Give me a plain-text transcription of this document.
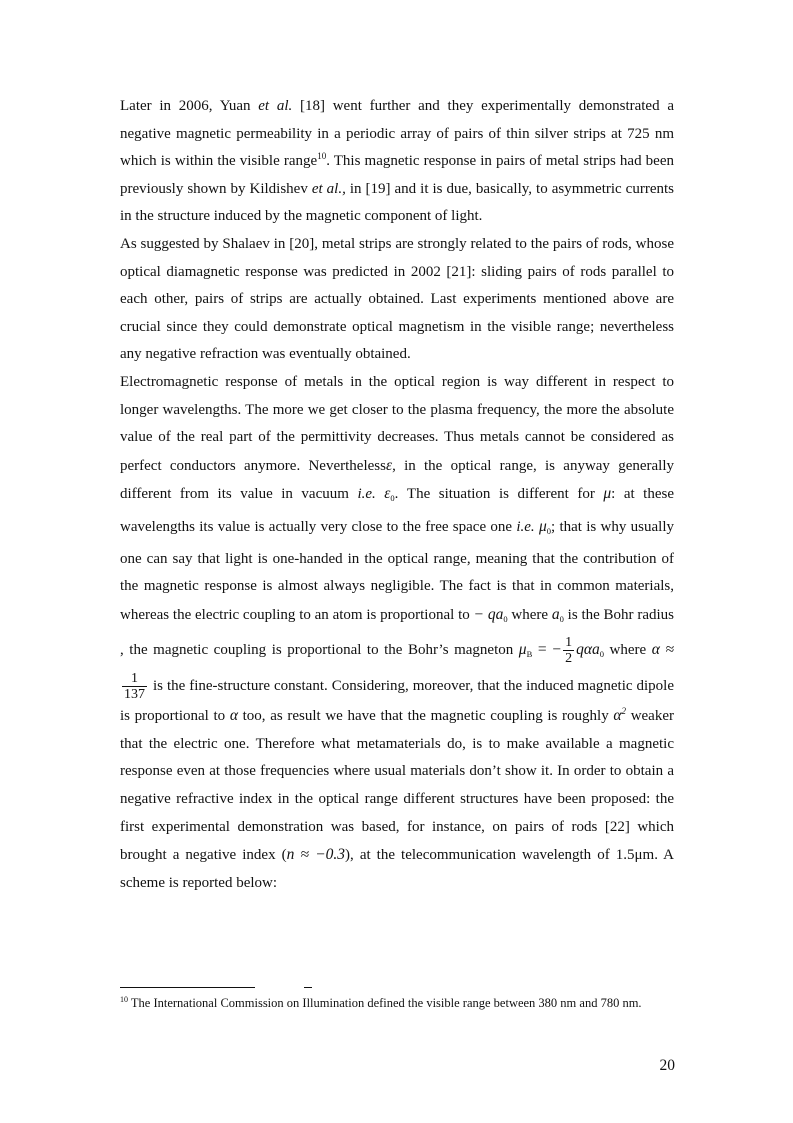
Later in 2006, Yuan et al. [18] went further and they experimentally demonstrated a negative magnetic permeability in a periodic array of pairs of thin silver strips at 725 nm which is within the visible range$^{10}$. This magnetic response in pairs of metal strips had been previously shown by Kildishev et al., in [19] and it is due, basically, to asymmetric currents in the structure induced by the magnetic component of light.

As suggested by Shalaev in [20], metal strips are strongly related to the pairs of rods, whose optical diamagnetic response was predicted in 2002 [21]: sliding pairs of rods parallel to each other, pairs of strips are actually obtained. Last experiments mentioned above are crucial since they could demonstrate optical magnetism in the visible range; nevertheless any negative refraction was eventually obtained.

Electromagnetic response of metals in the optical region is way different in respect to longer wavelengths. The more we get closer to the plasma frequency, the more the absolute value of the real part of the permittivity decreases. Thus metals cannot be considered as perfect conductors anymore. Neverthelessε, in the optical range, is anyway generally different from its value in vacuum i.e. $\varepsilon_0$. The situation is different for μ: at these wavelengths its value is actually very close to the free space one i.e. $\mu_0$; that is why usually one can say that light is one-handed in the optical range, meaning that the contribution of the magnetic response is almost always negligible. The fact is that in common materials, whereas the electric coupling to an atom is proportional to − $qa_0$ where $a_0$ is the Bohr radius , the magnetic coupling is proportional to the Bohr’s magneton $\mu_B$ = − $\frac{1}{2} q\alpha a_0$ where α ≈
$\frac{1}{137}$ is the fine-structure constant. Considering, moreover, that the induced magnetic dipole is proportional to α too, as result we have that the magnetic coupling is roughly $\alpha^2$ weaker that the electric one. Therefore what metamaterials do, is to make available a magnetic response even at those frequencies where usual materials don’t show it. In order to obtain a negative refractive index in the optical range different structures have been proposed: the first experimental demonstration was based, for instance, on pairs of rods [22] which brought a negative index (n ≈ −0.3), at the telecommunication wavelength of 1.5μm. A scheme is reported below:

$^{10}$ The International Commission on Illumination defined the visible range between 380 nm and 780 nm.

20
